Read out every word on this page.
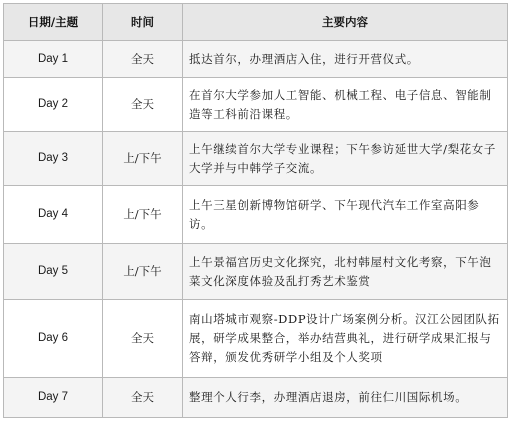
日期/主题	时间	主要内容
Day 1	全天	抵达首尔，办理酒店入住，进行开营仪式。
Day 2	全天	在首尔大学参加人工智能、机械工程、电子信息、智能制造等工科前沿课程。
Day 3	上/下午	上午继续首尔大学专业课程；下午参访延世大学/梨花女子大学并与中韩学子交流。
Day 4	上/下午	上午三星创新博物馆研学、下午现代汽车工作室高阳参访。
Day 5	上/下午	上午景福宫历史文化探究，北村韩屋村文化考察，下午泡菜文化深度体验及乱打秀艺术鉴赏
Day 6	全天	南山塔城市观察-DDP设计广场案例分析。汉江公园团队拓展，研学成果整合，举办结营典礼，进行研学成果汇报与答辩，颁发优秀研学小组及个人奖项
Day 7	全天	整理个人行李，办理酒店退房，前往仁川国际机场。
